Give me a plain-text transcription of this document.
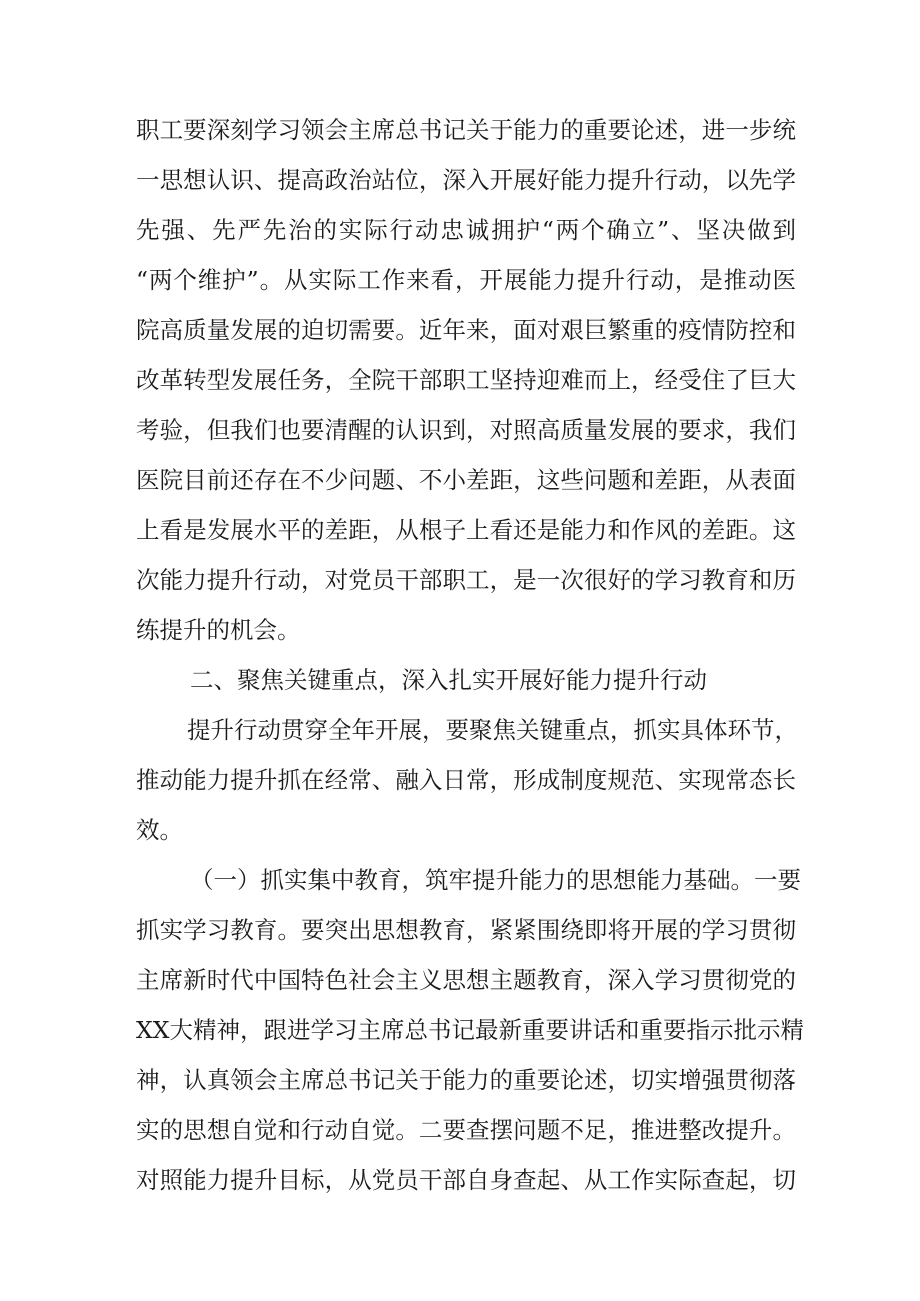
职工要深刻学习领会主席总书记关于能力的重要论述，进一步统
一思想认识、提高政治站位，深入开展好能力提升行动，以先学
先强、先严先治的实际行动忠诚拥护“两个确立”、坚决做到
“两个维护”。从实际工作来看，开展能力提升行动，是推动医
院高质量发展的迫切需要。近年来，面对艰巨繁重的疫情防控和
改革转型发展任务，全院干部职工坚持迎难而上，经受住了巨大
考验，但我们也要清醒的认识到，对照高质量发展的要求，我们
医院目前还存在不少问题、不小差距，这些问题和差距，从表面
上看是发展水平的差距，从根子上看还是能力和作风的差距。这
次能力提升行动，对党员干部职工，是一次很好的学习教育和历
练提升的机会。
二、聚焦关键重点，深入扎实开展好能力提升行动
提升行动贯穿全年开展，要聚焦关键重点，抓实具体环节，
推动能力提升抓在经常、融入日常，形成制度规范、实现常态长
效。
（一）抓实集中教育，筑牢提升能力的思想能力基础。一要
抓实学习教育。要突出思想教育，紧紧围绕即将开展的学习贯彻
主席新时代中国特色社会主义思想主题教育，深入学习贯彻党的
XX大精神，跟进学习主席总书记最新重要讲话和重要指示批示精
神，认真领会主席总书记关于能力的重要论述，切实增强贯彻落
实的思想自觉和行动自觉。二要查摆问题不足，推进整改提升。
对照能力提升目标，从党员干部自身查起、从工作实际查起，切
